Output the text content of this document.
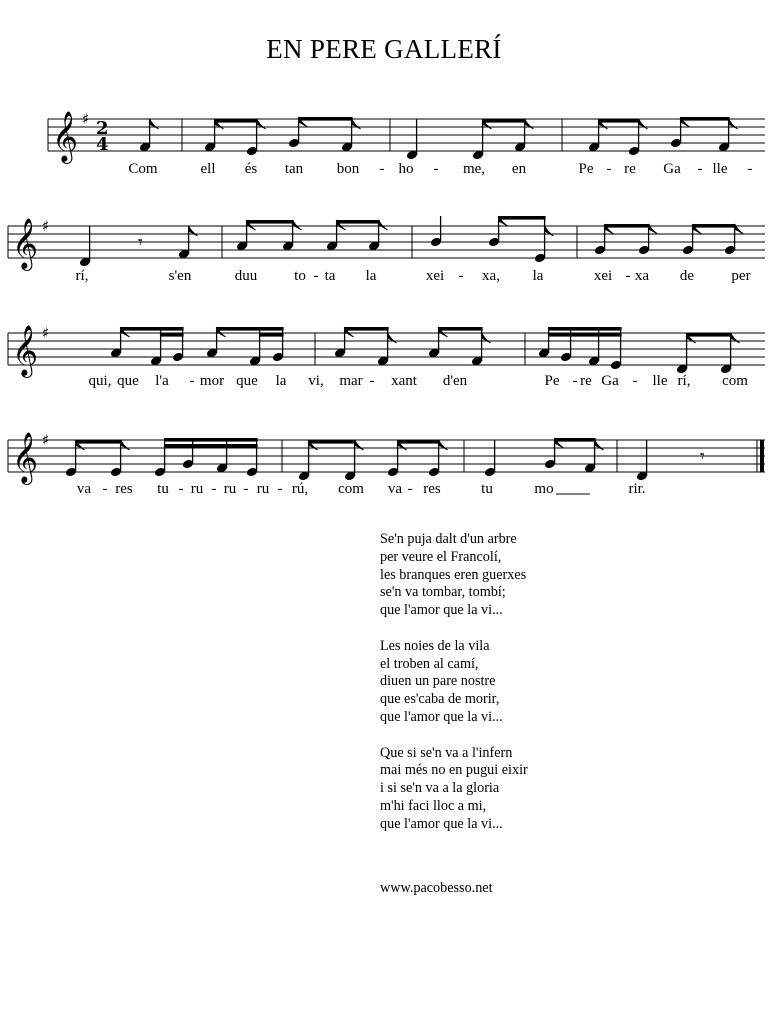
EN PERE GALLERÍ
𝄞 ♯ 2
4
Com	ell és tan bon - ho - me, en	Pe - re Ga - lle -
𝄞 ♯
𝄾
rí,	s'en	duu to - ta la	xei - xa, la	xei - xa de per
𝄞 ♯
qui, que l'a - mor que la vi, mar - xant d'en	Pe - re Ga - lle rí, com
𝄞 ♯
𝄾
va - res tu - ru - ru - ru - rú, com va - res	tu	mo	rir.
Se'n puja dalt d'un arbre
per veure el Francolí,
les branques eren guerxes
se'n va tombar, tombí;
que l'amor que la vi...
Les noies de la vila
el troben al camí,
diuen un pare nostre
que es'caba de morir,
que l'amor que la vi...
Que si se'n va a l'infern
mai més no en pugui eixir
i si se'n va a la gloria
m'hi faci lloc a mi,
que l'amor que la vi...
www.pacobesso.net
